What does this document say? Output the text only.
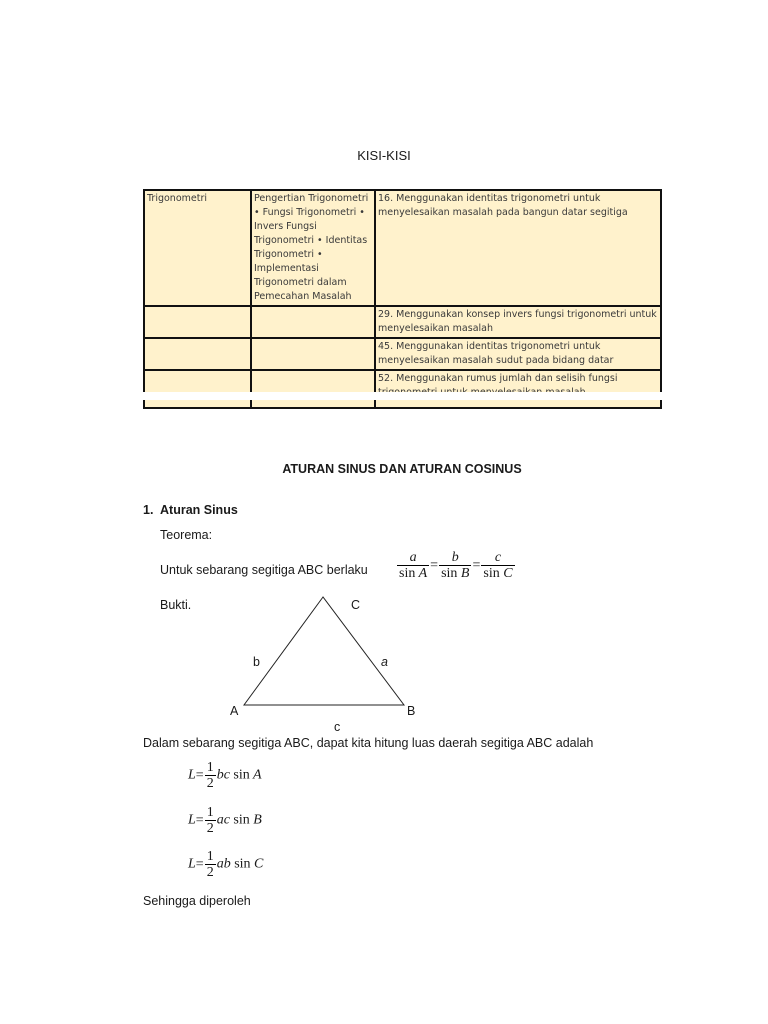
KISI-KISI
Trigonometri	Pengertian Trigonometri • Fungsi Trigonometri • Invers Fungsi Trigonometri • Identitas Trigonometri • Implementasi Trigonometri dalam Pemecahan Masalah	16. Menggunakan identitas trigonometri untuk menyelesaikan masalah pada bangun datar segitiga
		29. Menggunakan konsep invers fungsi trigonometri untuk menyelesaikan masalah
		45. Menggunakan identitas trigonometri untuk menyelesaikan masalah sudut pada bidang datar
		52. Menggunakan rumus jumlah dan selisih fungsi
ATURAN SINUS DAN ATURAN COSINUS
1. Aturan Sinus
Teorema:
Untuk sebarang segitiga ABC berlaku $\frac{a}{\text{sin A}} = \frac{b}{\text{sin B}} = \frac{c}{\text{sin C}}$
Bukti.	C
A	B
b	a
c
Dalam sebarang segitiga ABC, dapat kita hitung luas daerah segitiga ABC adalah
$L= \frac{1}{2}$ bc sin A
$L= \frac{1}{2}$ ac sin B
$L= \frac{1}{2}$ ab sin C
Sehingga diperoleh
